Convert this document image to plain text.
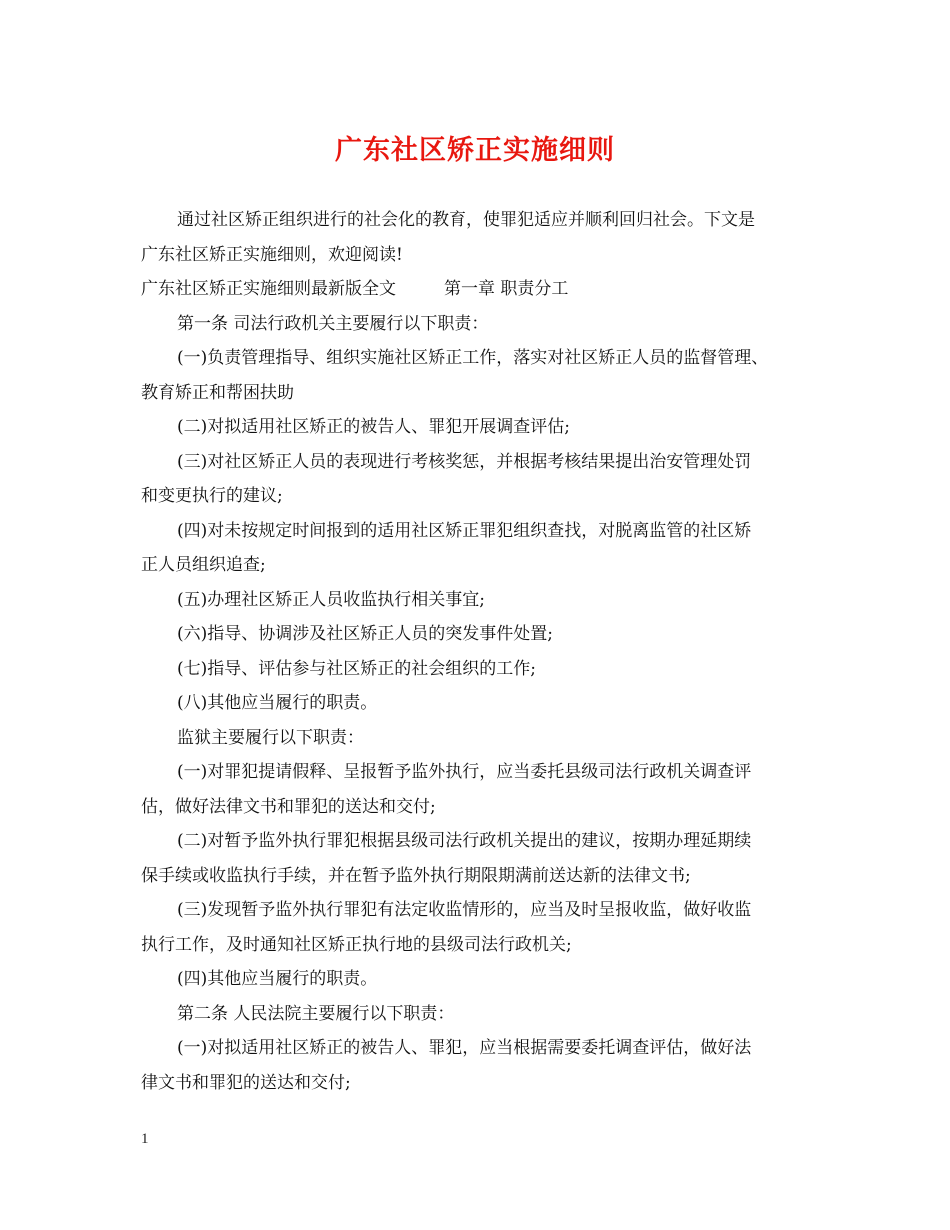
广东社区矫正实施细则
通过社区矫正组织进行的社会化的教育，使罪犯适应并顺利回归社会。下文是
广东社区矫正实施细则，欢迎阅读!
广东社区矫正实施细则最新版全文	第一章 职责分工
第一条 司法行政机关主要履行以下职责：
(一)负责管理指导、组织实施社区矫正工作，落实对社区矫正人员的监督管理、
教育矫正和帮困扶助
(二)对拟适用社区矫正的被告人、罪犯开展调查评估;
(三)对社区矫正人员的表现进行考核奖惩，并根据考核结果提出治安管理处罚
和变更执行的建议;
(四)对未按规定时间报到的适用社区矫正罪犯组织查找，对脱离监管的社区矫
正人员组织追查;
(五)办理社区矫正人员收监执行相关事宜;
(六)指导、协调涉及社区矫正人员的突发事件处置;
(七)指导、评估参与社区矫正的社会组织的工作;
(八)其他应当履行的职责。
监狱主要履行以下职责：
(一)对罪犯提请假释、呈报暂予监外执行，应当委托县级司法行政机关调查评
估，做好法律文书和罪犯的送达和交付;
(二)对暂予监外执行罪犯根据县级司法行政机关提出的建议，按期办理延期续
保手续或收监执行手续，并在暂予监外执行期限期满前送达新的法律文书;
(三)发现暂予监外执行罪犯有法定收监情形的，应当及时呈报收监，做好收监
执行工作，及时通知社区矫正执行地的县级司法行政机关;
(四)其他应当履行的职责。
第二条 人民法院主要履行以下职责：
(一)对拟适用社区矫正的被告人、罪犯，应当根据需要委托调查评估，做好法
律文书和罪犯的送达和交付;
1
